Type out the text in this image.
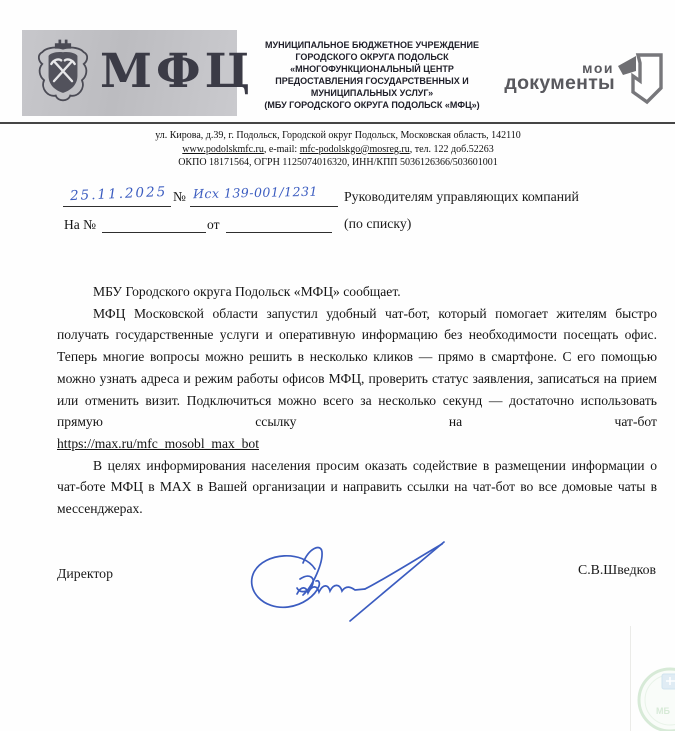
МФЦ	МУНИЦИПАЛЬНОЕ БЮДЖЕТНОЕ УЧРЕЖДЕНИЕ
ГОРОДСКОГО ОКРУГА ПОДОЛЬСК
«МНОГОФУНКЦИОНАЛЬНЫЙ ЦЕНТР
ПРЕДОСТАВЛЕНИЯ ГОСУДАРСТВЕННЫХ И
МУНИЦИПАЛЬНЫХ УСЛУГ»
(МБУ ГОРОДСКОГО ОКРУГА ПОДОЛЬСК «МФЦ»)
мои
документы
ул. Кирова, д.39, г. Подольск, Городской округ Подольск, Московская область, 142110
www.podolskmfc.ru, e-mail: mfc-podolskgo@mosreg.ru, тел. 122 доб.52263
ОКПО 18171564, ОГРН 1125074016320, ИНН/КПП 5036126366/503601001
25.11.2025 № Исх 139-001/1231
На №	от
Руководителям управляющих компаний
(по списку)

МБУ Городского округа Подольск «МФЦ» сообщает.

МФЦ Московской области запустил удобный чат-бот, который помогает жителям быстро получать государственные услуги и оперативную информацию без необходимости посещать офис. Теперь многие вопросы можно решить в несколько кликов — прямо в смартфоне. С его помощью можно узнать адреса и режим работы офисов МФЦ, проверить статус заявления, записаться на прием или отменить визит. Подключиться можно всего за несколько секунд — достаточно использовать прямую ссылку на чат-бот

https://max.ru/mfc_mosobl_max_bot

В целях информирования населения просим оказать содействие в размещении информации о чат-боте МФЦ в МАХ в Вашей организации и направить ссылки на чат-бот во все домовые чаты в мессенджерах.

Директор	С.В.Шведков
МБ
